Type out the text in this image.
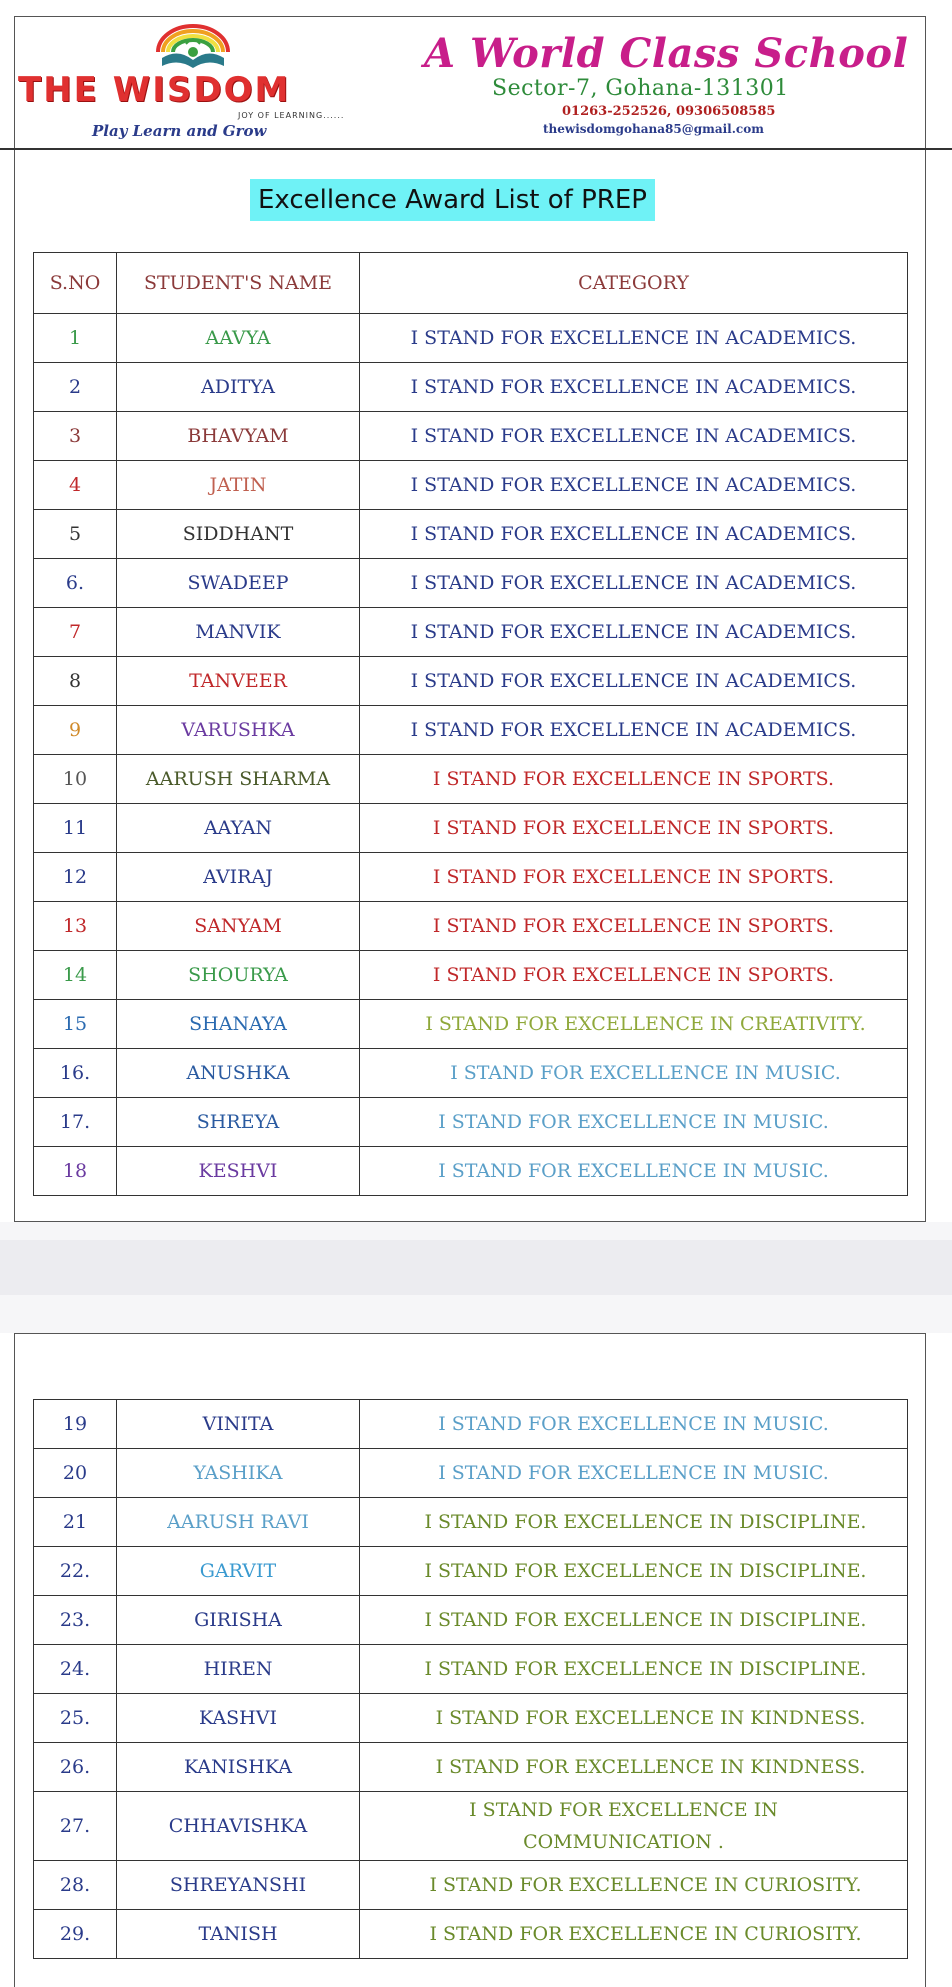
THE WISDOM
JOY OF LEARNING......
Play Learn and Grow
A World Class School
Sector-7, Gohana-131301
01263-252526, 09306508585
thewisdomgohana85@gmail.com
Excellence Award List of PREP
S.NO	STUDENT'S NAME	CATEGORY
1	AAVYA	I STAND FOR EXCELLENCE IN ACADEMICS.
2	ADITYA	I STAND FOR EXCELLENCE IN ACADEMICS.
3	BHAVYAM	I STAND FOR EXCELLENCE IN ACADEMICS.
4	JATIN	I STAND FOR EXCELLENCE IN ACADEMICS.
5	SIDDHANT	I STAND FOR EXCELLENCE IN ACADEMICS.
6.	SWADEEP	I STAND FOR EXCELLENCE IN ACADEMICS.
7	MANVIK	I STAND FOR EXCELLENCE IN ACADEMICS.
8	TANVEER	I STAND FOR EXCELLENCE IN ACADEMICS.
9	VARUSHKA	I STAND FOR EXCELLENCE IN ACADEMICS.
10	AARUSH SHARMA	I STAND FOR EXCELLENCE IN SPORTS.
11	AAYAN	I STAND FOR EXCELLENCE IN SPORTS.
12	AVIRAJ	I STAND FOR EXCELLENCE IN SPORTS.
13	SANYAM	I STAND FOR EXCELLENCE IN SPORTS.
14	SHOURYA	I STAND FOR EXCELLENCE IN SPORTS.
15	SHANAYA	I STAND FOR EXCELLENCE IN CREATIVITY.
16.	ANUSHKA	I STAND FOR EXCELLENCE IN MUSIC.
17.	SHREYA	I STAND FOR EXCELLENCE IN MUSIC.
18	KESHVI	I STAND FOR EXCELLENCE IN MUSIC.
19	VINITA	I STAND FOR EXCELLENCE IN MUSIC.
20	YASHIKA	I STAND FOR EXCELLENCE IN MUSIC.
21	AARUSH RAVI	I STAND FOR EXCELLENCE IN DISCIPLINE.
22.	GARVIT	I STAND FOR EXCELLENCE IN DISCIPLINE.
23.	GIRISHA	I STAND FOR EXCELLENCE IN DISCIPLINE.
24.	HIREN	I STAND FOR EXCELLENCE IN DISCIPLINE.
25.	KASHVI	I STAND FOR EXCELLENCE IN KINDNESS.
26.	KANISHKA	I STAND FOR EXCELLENCE IN KINDNESS.
27.	CHHAVISHKA	I STAND FOR EXCELLENCE IN COMMUNICATION .

28.	SHREYANSHI	I STAND FOR EXCELLENCE IN CURIOSITY.
29.	TANISH	I STAND FOR EXCELLENCE IN CURIOSITY.
